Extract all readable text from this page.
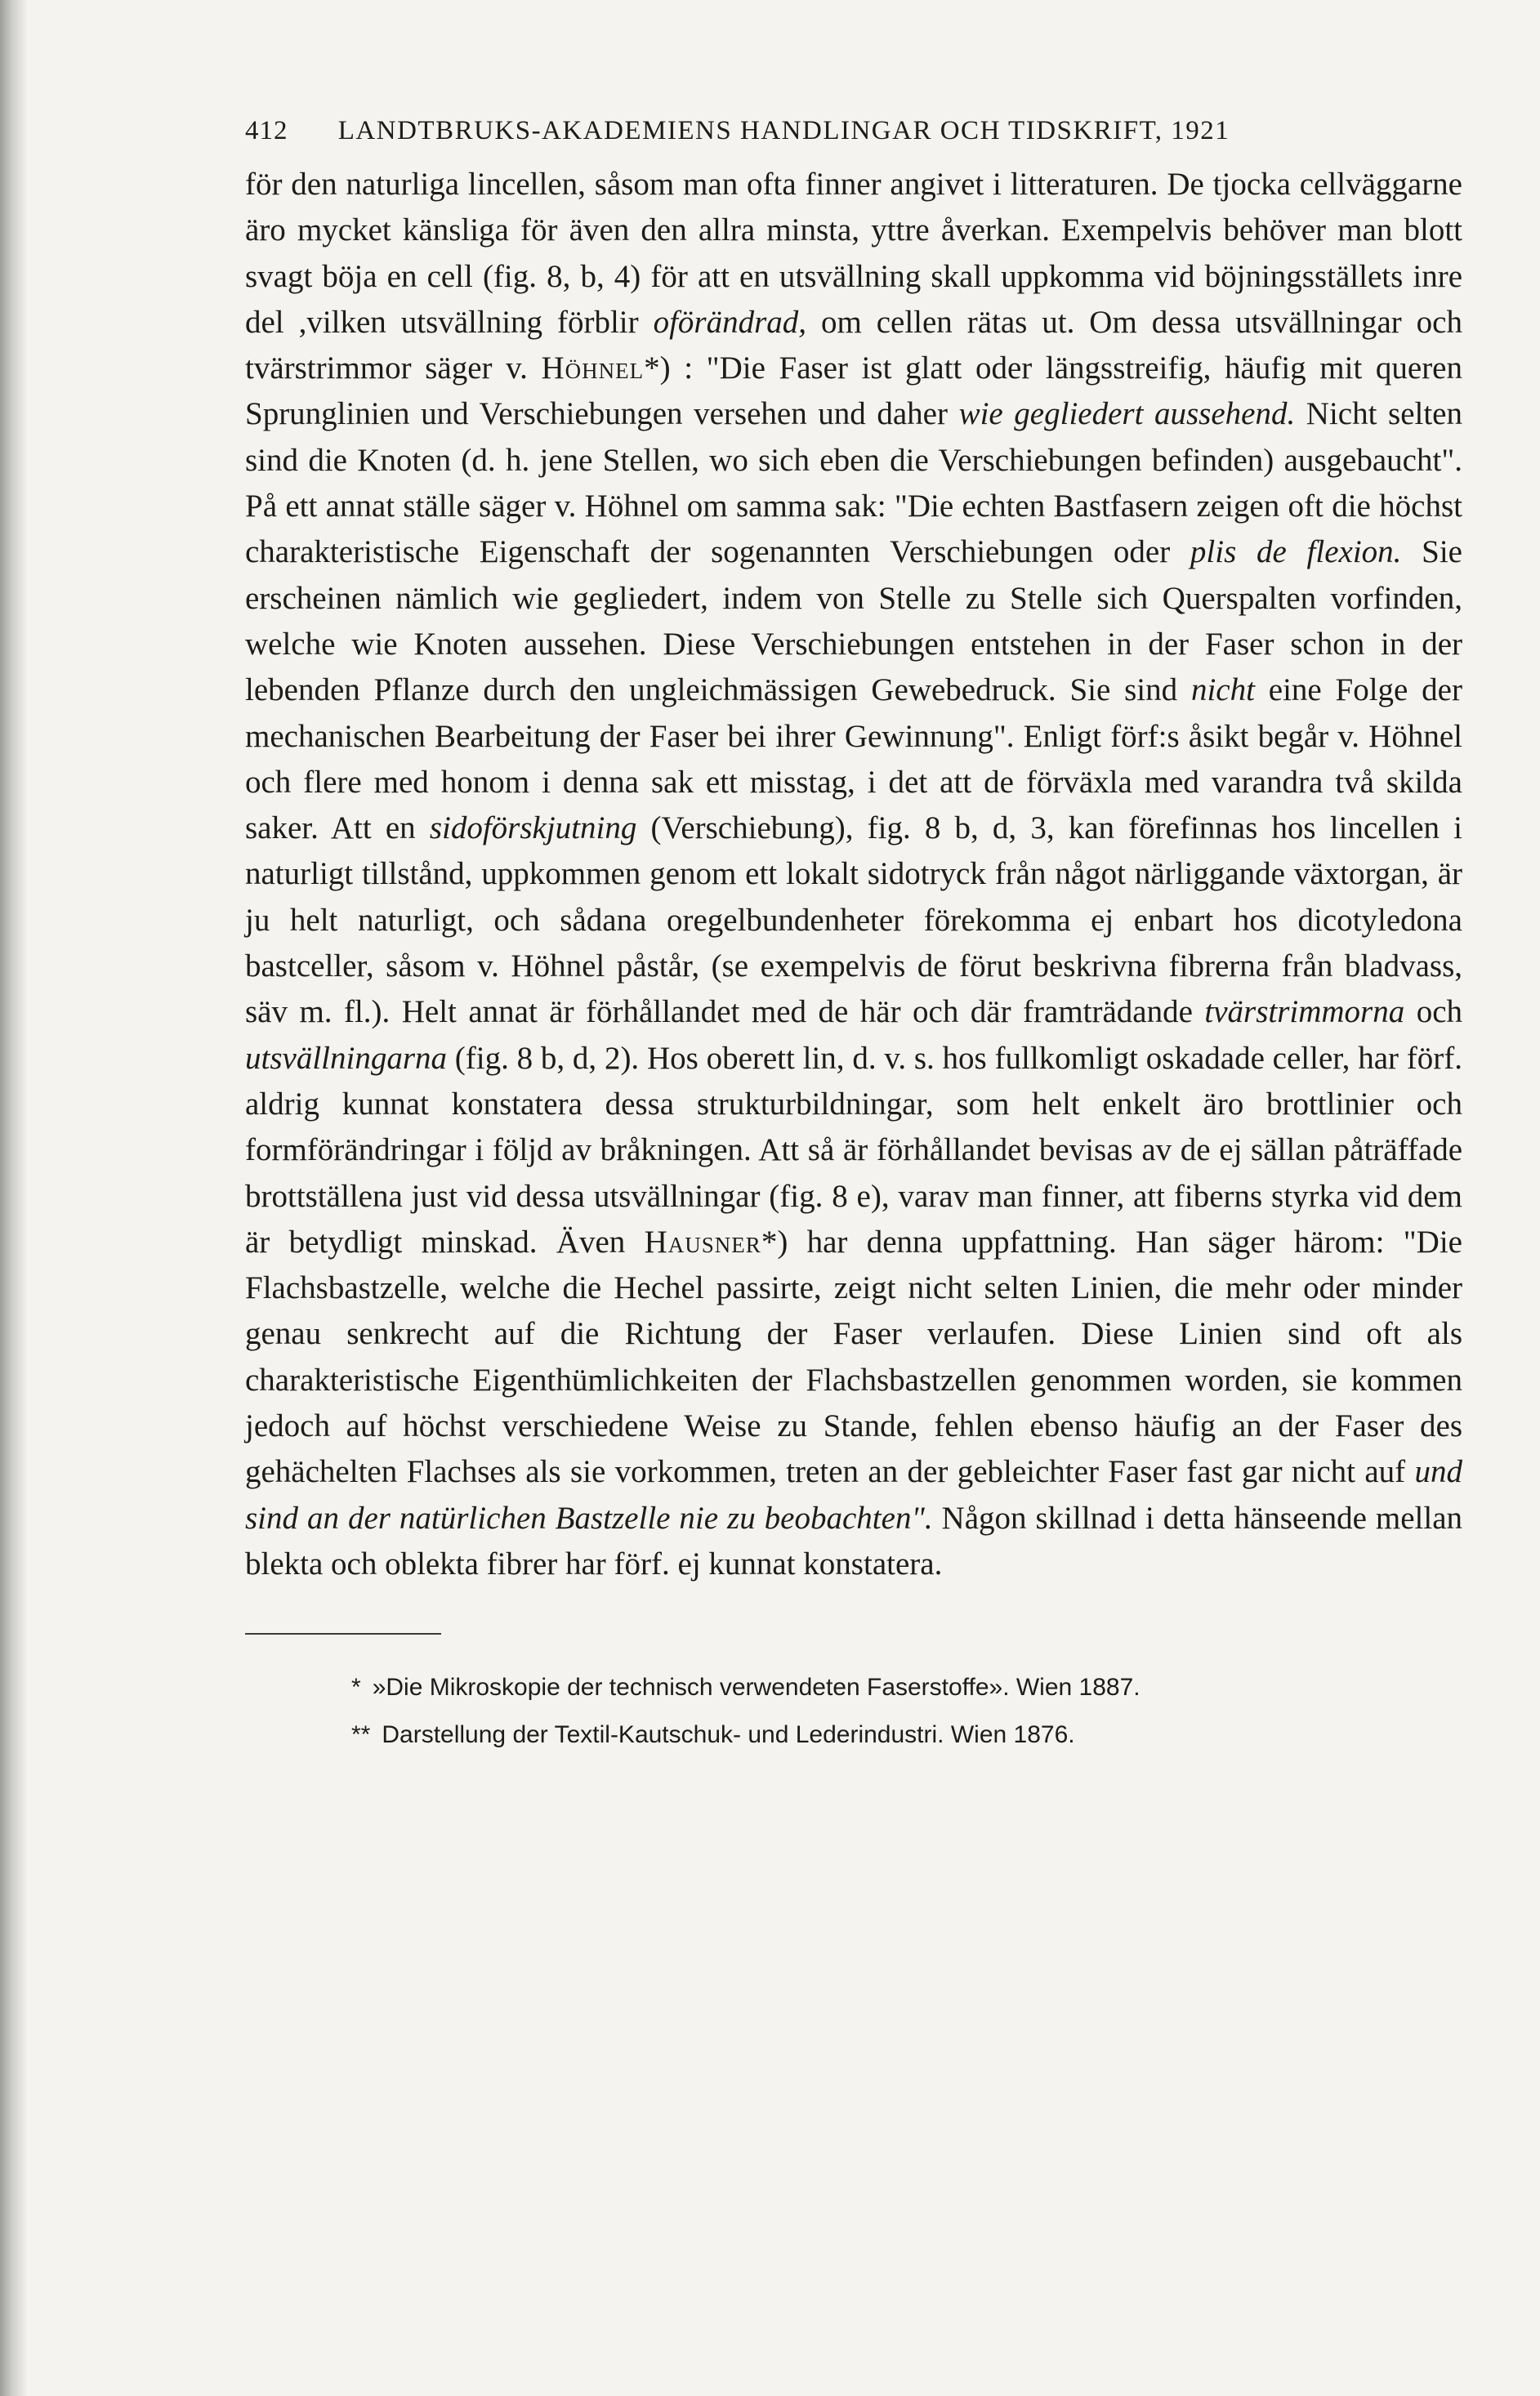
412 LANDTBRUKS-AKADEMIENS HANDLINGAR OCH TIDSKRIFT, 1921

för den naturliga lincellen, såsom man ofta finner angivet i litteraturen. De tjocka cellväggarne äro mycket känsliga för även den allra minsta, yttre åverkan. Exempelvis behöver man blott svagt böja en cell (fig. 8, b, 4) för att en utsvällning skall uppkomma vid böjningsställets inre del ,vilken utsvällning förblir oförändrad, om cellen rätas ut. Om dessa utsvällningar och tvärstrimmor säger v. Höhnel*) : "Die Faser ist glatt oder längsstreifig, häufig mit queren Sprunglinien und Verschiebungen versehen und daher wie gegliedert aussehend. Nicht selten sind die Knoten (d. h. jene Stellen, wo sich eben die Verschiebungen befinden) ausgebaucht". På ett annat ställe säger v. Höhnel om samma sak: "Die echten Bastfasern zeigen oft die höchst charakteristische Eigenschaft der sogenannten Verschiebungen oder plis de flexion. Sie erscheinen nämlich wie gegliedert, indem von Stelle zu Stelle sich Querspalten vorfinden, welche wie Knoten aussehen. Diese Verschiebungen entstehen in der Faser schon in der lebenden Pflanze durch den ungleichmässigen Gewebedruck. Sie sind nicht eine Folge der mechanischen Bearbeitung der Faser bei ihrer Gewinnung". Enligt förf:s åsikt begår v. Höhnel och flere med honom i denna sak ett misstag, i det att de förväxla med varandra två skilda saker. Att en sidoförskjutning (Verschiebung), fig. 8 b, d, 3, kan förefinnas hos lincellen i naturligt tillstånd, uppkommen genom ett lokalt sidotryck från något närliggande växtorgan, är ju helt naturligt, och sådana oregelbundenheter förekomma ej enbart hos dicotyledona bastceller, såsom v. Höhnel påstår, (se exempelvis de förut beskrivna fibrerna från bladvass, säv m. fl.). Helt annat är förhållandet med de här och där framträdande tvärstrimmorna och utsvällningarna (fig. 8 b, d, 2). Hos oberett lin, d. v. s. hos fullkomligt oskadade celler, har förf. aldrig kunnat konstatera dessa strukturbildningar, som helt enkelt äro brottlinier och formförändringar i följd av bråkningen. Att så är förhållandet bevisas av de ej sällan påträffade brottställena just vid dessa utsvällningar (fig. 8 e), varav man finner, att fiberns styrka vid dem är betydligt minskad. Även Hausner*) har denna uppfattning. Han säger härom: "Die Flachsbastzelle, welche die Hechel passirte, zeigt nicht selten Linien, die mehr oder minder genau senkrecht auf die Richtung der Faser verlaufen. Diese Linien sind oft als charakteristische Eigenthümlichkeiten der Flachsbastzellen genommen worden, sie kommen jedoch auf höchst verschiedene Weise zu Stande, fehlen ebenso häufig an der Faser des gehächelten Flachses als sie vorkommen, treten an der gebleichter Faser fast gar nicht auf und sind an der natürlichen Bastzelle nie zu beobachten". Någon skillnad i detta hänseende mellan blekta och oblekta fibrer har förf. ej kunnat konstatera.

* »Die Mikroskopie der technisch verwendeten Faserstoffe». Wien 1887.
** Darstellung der Textil-Kautschuk- und Lederindustri. Wien 1876.
